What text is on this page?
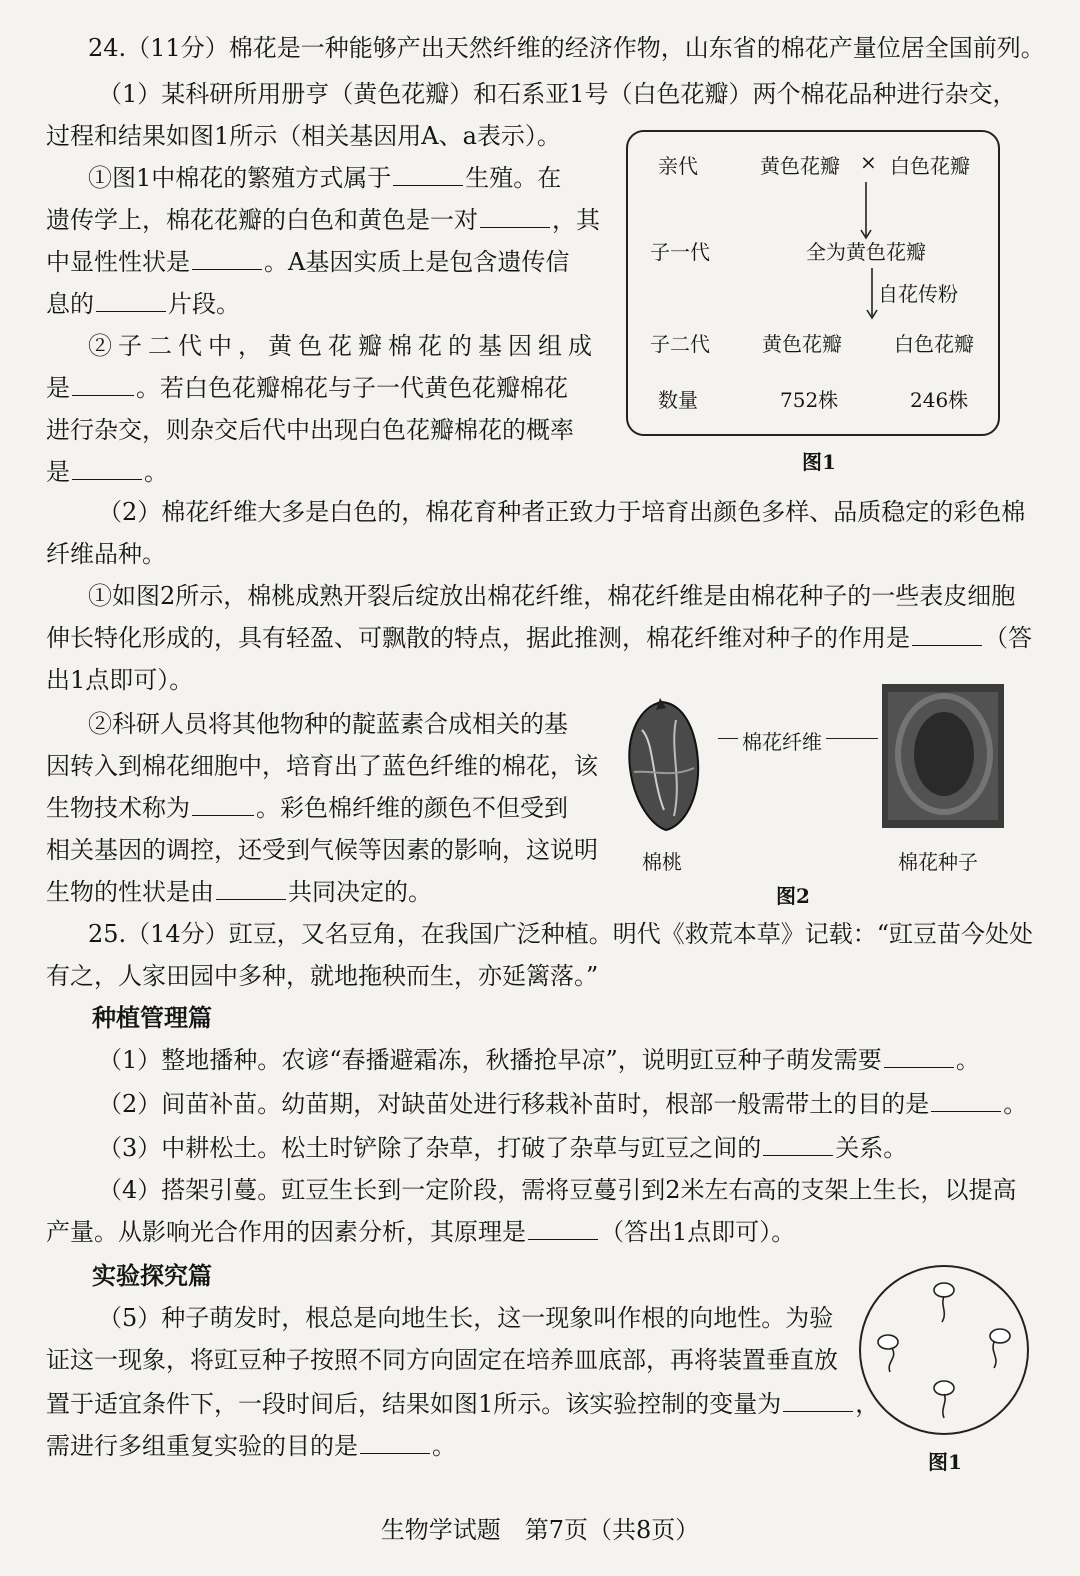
24.（11分）棉花是一种能够产出天然纤维的经济作物，山东省的棉花产量位居全国前列。
（1）某科研所用册亨（黄色花瓣）和石系亚1号（白色花瓣）两个棉花品种进行杂交，
过程和结果如图1所示（相关基因用A、a表示）。
①图1中棉花的繁殖方式属于	生殖。在
遗传学上，棉花花瓣的白色和黄色是一对	，其
中显性性状是	。A基因实质上是包含遗传信
息的	片段。
②子二代中，黄色花瓣棉花的基因组成
是	。若白色花瓣棉花与子一代黄色花瓣棉花
进行杂交，则杂交后代中出现白色花瓣棉花的概率
是	。
亲代	黄色花瓣 × 白色花瓣
子一代	全为黄色花瓣
自花传粉
子二代	黄色花瓣	白色花瓣
数量	752株	246株
图1
（2）棉花纤维大多是白色的，棉花育种者正致力于培育出颜色多样、品质稳定的彩色棉
纤维品种。
①如图2所示，棉桃成熟开裂后绽放出棉花纤维，棉花纤维是由棉花种子的一些表皮细胞
伸长特化形成的，具有轻盈、可飘散的特点，据此推测，棉花纤维对种子的作用是	（答
出1点即可）。
②科研人员将其他物种的靛蓝素合成相关的基
因转入到棉花细胞中，培育出了蓝色纤维的棉花，该
生物技术称为	。彩色棉纤维的颜色不但受到
相关基因的调控，还受到气候等因素的影响，这说明
生物的性状是由	共同决定的。
棉花纤维
棉桃	棉花种子
图2
25.（14分）豇豆，又名豆角，在我国广泛种植。明代《救荒本草》记载：“豇豆苗今处处
有之，人家田园中多种，就地拖秧而生，亦延篱落。”
种植管理篇
（1）整地播种。农谚“春播避霜冻，秋播抢早凉”，说明豇豆种子萌发需要	。
（2）间苗补苗。幼苗期，对缺苗处进行移栽补苗时，根部一般需带土的目的是	。
（3）中耕松土。松土时铲除了杂草，打破了杂草与豇豆之间的	关系。
（4）搭架引蔓。豇豆生长到一定阶段，需将豆蔓引到2米左右高的支架上生长，以提高
产量。从影响光合作用的因素分析，其原理是	（答出1点即可）。
实验探究篇
（5）种子萌发时，根总是向地生长，这一现象叫作根的向地性。为验
证这一现象，将豇豆种子按照不同方向固定在培养皿底部，再将装置垂直放
置于适宜条件下，一段时间后，结果如图1所示。该实验控制的变量为	，
需进行多组重复实验的目的是	。
图1
生物学试题　第7页（共8页）
